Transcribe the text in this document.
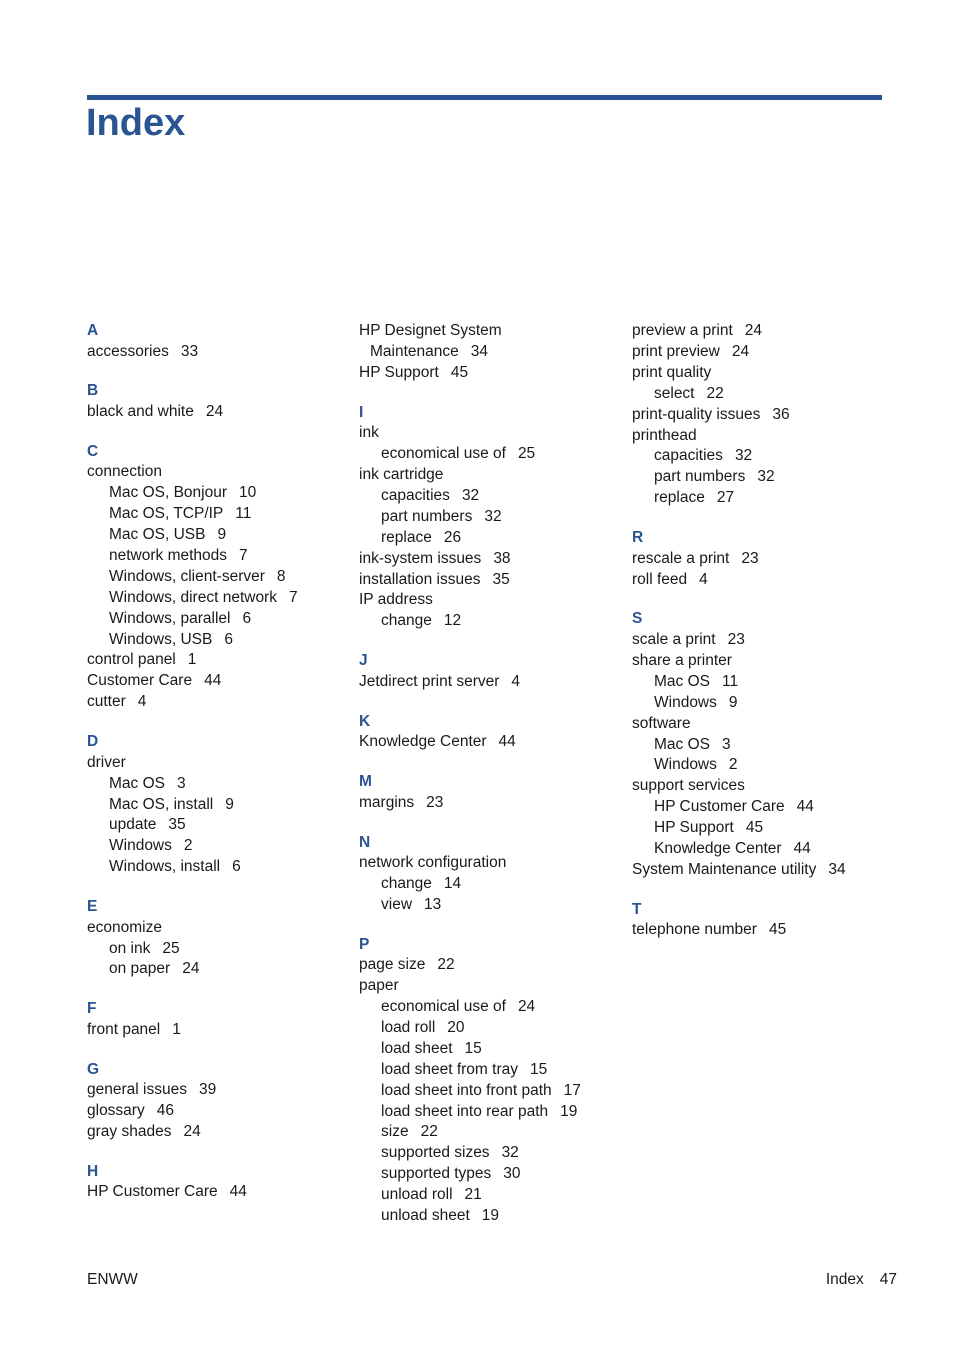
Index
A
accessories 33
B
black and white 24
C
connection
Mac OS, Bonjour 10
Mac OS, TCP/IP 11
Mac OS, USB 9
network methods 7
Windows, client-server 8
Windows, direct network 7
Windows, parallel 6
Windows, USB 6
control panel 1
Customer Care 44
cutter 4
D
driver
Mac OS 3
Mac OS, install 9
update 35
Windows 2
Windows, install 6
E
economize
on ink 25
on paper 24
F
front panel 1
G
general issues 39
glossary 46
gray shades 24
H
HP Customer Care 44
HP Designet System
Maintenance 34
HP Support 45
I
ink
economical use of 25
ink cartridge
capacities 32
part numbers 32
replace 26
ink-system issues 38
installation issues 35
IP address
change 12
J
Jetdirect print server 4
K
Knowledge Center 44
M
margins 23
N
network configuration
change 14
view 13
P
page size 22
paper
economical use of 24
load roll 20
load sheet 15
load sheet from tray 15
load sheet into front path 17
load sheet into rear path 19
size 22
supported sizes 32
supported types 30
unload roll 21
unload sheet 19
preview a print 24
print preview 24
print quality
select 22
print-quality issues 36
printhead
capacities 32
part numbers 32
replace 27
R
rescale a print 23
roll feed 4
S
scale a print 23
share a printer
Mac OS 11
Windows 9
software
Mac OS 3
Windows 2
support services
HP Customer Care 44
HP Support 45
Knowledge Center 44
System Maintenance utility 34
T
telephone number 45
ENWW	Index 47
